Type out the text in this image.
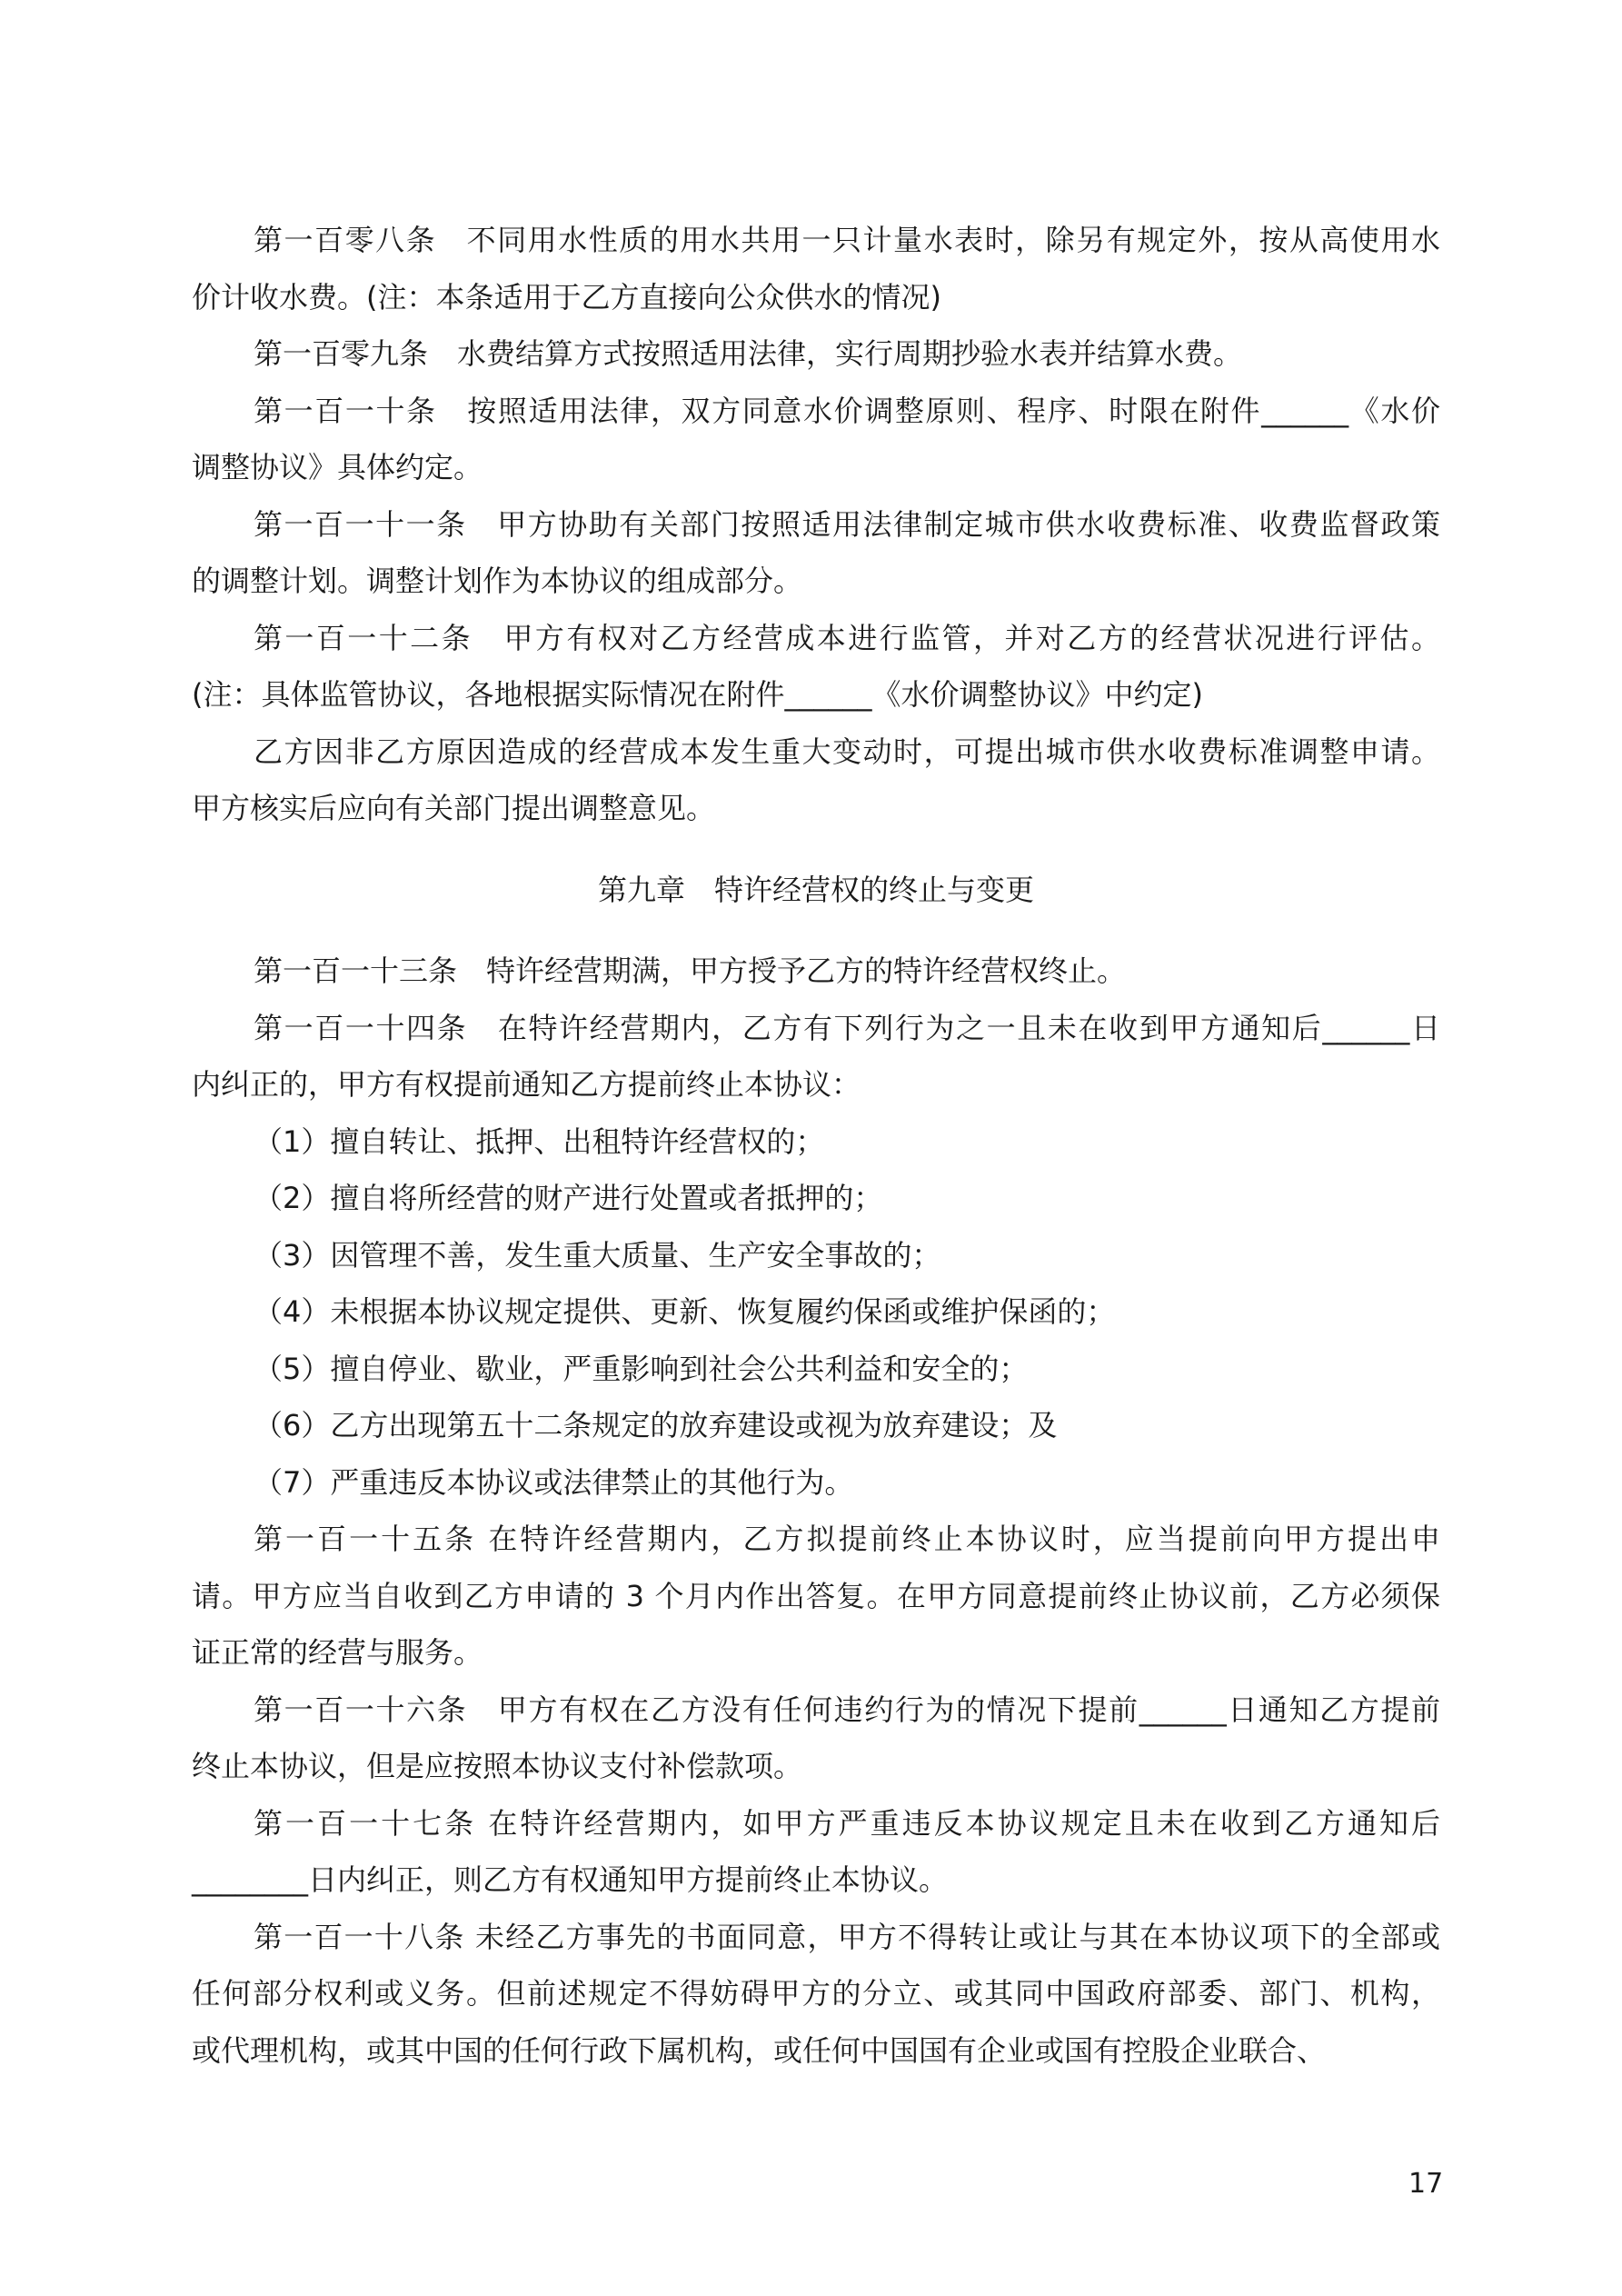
第一百零八条　不同用水性质的用水共用一只计量水表时，除另有规定外，按从高使用水
价计收水费。(注：本条适用于乙方直接向公众供水的情况)
第一百零九条　水费结算方式按照适用法律，实行周期抄验水表并结算水费。
第一百一十条　按照适用法律，双方同意水价调整原则、程序、时限在附件______《水价
调整协议》具体约定。
第一百一十一条　甲方协助有关部门按照适用法律制定城市供水收费标准、收费监督政策
的调整计划。调整计划作为本协议的组成部分。
第一百一十二条　甲方有权对乙方经营成本进行监管，并对乙方的经营状况进行评估。
(注：具体监管协议，各地根据实际情况在附件______《水价调整协议》中约定)
乙方因非乙方原因造成的经营成本发生重大变动时，可提出城市供水收费标准调整申请。
甲方核实后应向有关部门提出调整意见。
第九章　特许经营权的终止与变更
第一百一十三条　特许经营期满，甲方授予乙方的特许经营权终止。
第一百一十四条　在特许经营期内，乙方有下列行为之一且未在收到甲方通知后______日
内纠正的，甲方有权提前通知乙方提前终止本协议：
（1）擅自转让、抵押、出租特许经营权的；
（2）擅自将所经营的财产进行处置或者抵押的；
（3）因管理不善，发生重大质量、生产安全事故的；
（4）未根据本协议规定提供、更新、恢复履约保函或维护保函的；
（5）擅自停业、歇业，严重影响到社会公共利益和安全的；
（6）乙方出现第五十二条规定的放弃建设或视为放弃建设；及
（7）严重违反本协议或法律禁止的其他行为。
第一百一十五条 在特许经营期内，乙方拟提前终止本协议时，应当提前向甲方提出申
请。甲方应当自收到乙方申请的 3 个月内作出答复。在甲方同意提前终止协议前，乙方必须保
证正常的经营与服务。
第一百一十六条　甲方有权在乙方没有任何违约行为的情况下提前______日通知乙方提前
终止本协议，但是应按照本协议支付补偿款项。
第一百一十七条 在特许经营期内，如甲方严重违反本协议规定且未在收到乙方通知后
________日内纠正，则乙方有权通知甲方提前终止本协议。
第一百一十八条 未经乙方事先的书面同意，甲方不得转让或让与其在本协议项下的全部或
任何部分权利或义务。但前述规定不得妨碍甲方的分立、或其同中国政府部委、部门、机构，
或代理机构，或其中国的任何行政下属机构，或任何中国国有企业或国有控股企业联合、
17
